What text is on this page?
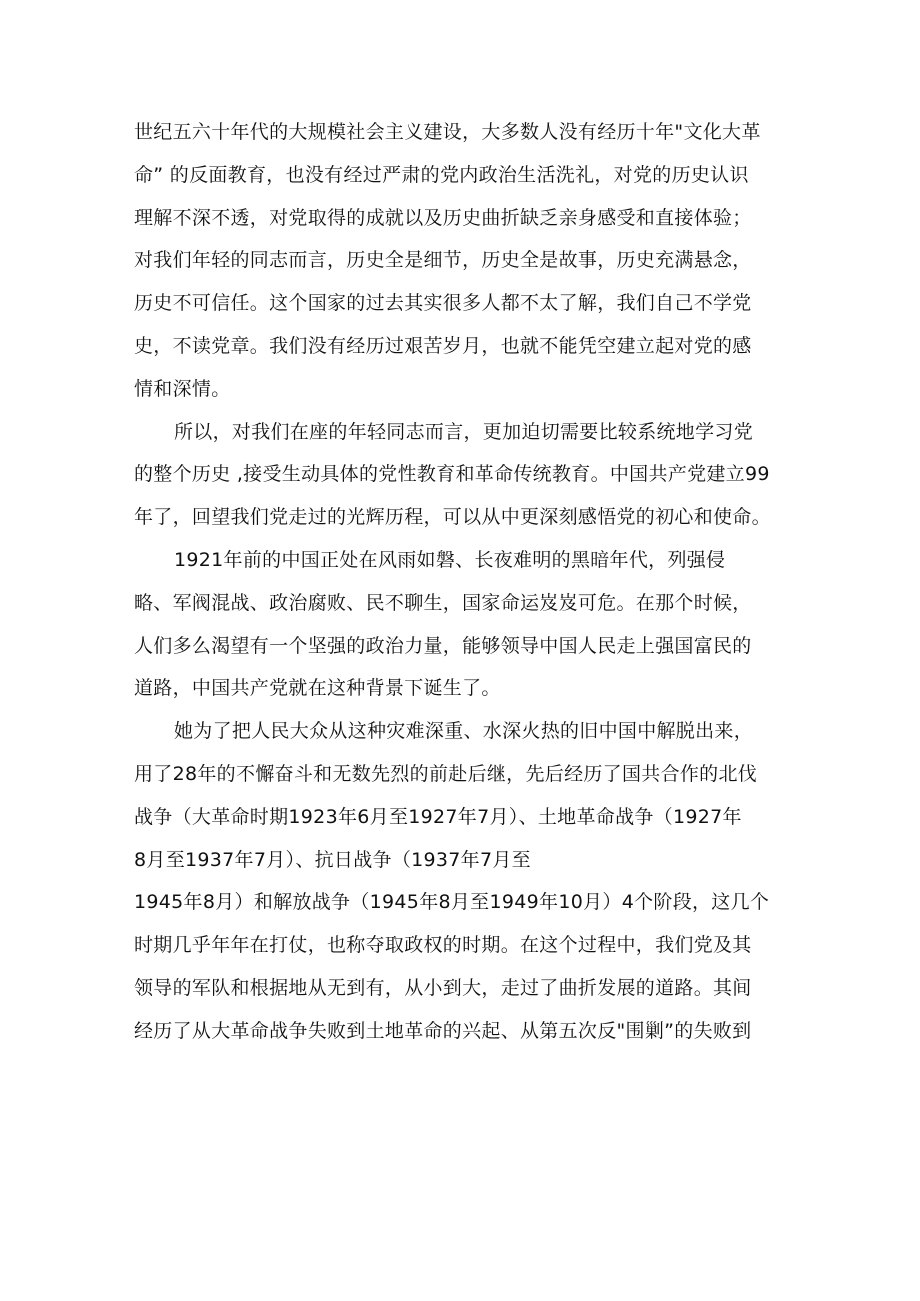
世纪五六十年代的大规模社会主义建设，大多数人没有经历十年"文化大革
命” 的反面教育，也没有经过严肃的党内政治生活洗礼，对党的历史认识
理解不深不透，对党取得的成就以及历史曲折缺乏亲身感受和直接体验；
对我们年轻的同志而言，历史全是细节，历史全是故事，历史充满悬念，
历史不可信任。这个国家的过去其实很多人都不太了解，我们自己不学党
史，不读党章。我们没有经历过艰苦岁月，也就不能凭空建立起对党的感
情和深情。
所以，对我们在座的年轻同志而言，更加迫切需要比较系统地学习党
的整个历史 ,接受生动具体的党性教育和革命传统教育。中国共产党建立99
年了，回望我们党走过的光辉历程，可以从中更深刻感悟党的初心和使命。
1921年前的中国正处在风雨如磐、长夜难明的黑暗年代，列强侵
略、军阀混战、政治腐败、民不聊生，国家命运岌岌可危。在那个时候，
人们多么渴望有一个坚强的政治力量，能够领导中国人民走上强国富民的
道路，中国共产党就在这种背景下诞生了。
她为了把人民大众从这种灾难深重、水深火热的旧中国中解脱出来，
用了28年的不懈奋斗和无数先烈的前赴后继，先后经历了国共合作的北伐
战争（大革命时期1923年6月至1927年7月）、土地革命战争（1927年
8月至1937年7月）、抗日战争（1937年7月至
1945年8月）和解放战争（1945年8月至1949年10月）4个阶段，这几个
时期几乎年年在打仗，也称夺取政权的时期。在这个过程中，我们党及其
领导的军队和根据地从无到有，从小到大，走过了曲折发展的道路。其间
经历了从大革命战争失败到土地革命的兴起、从第五次反"围剿”的失败到
